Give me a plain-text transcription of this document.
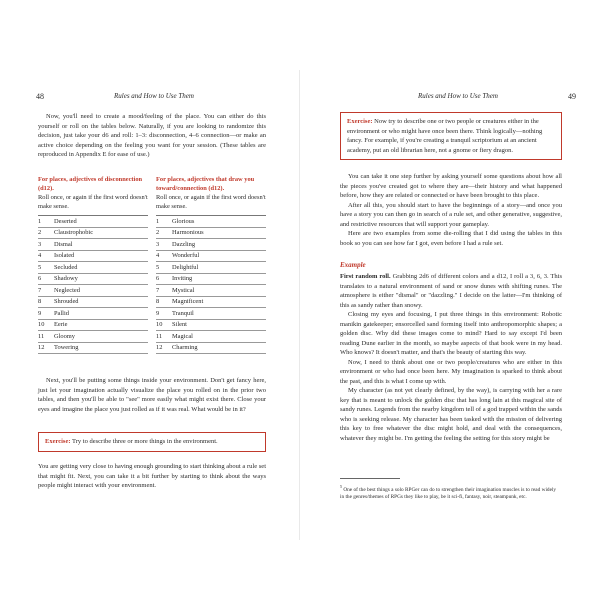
48	Rules and How to Use Them

Now, you'll need to create a mood/feeling of the place. You can either do this yourself or roll on the tables below. Naturally, if you are looking to randomize this decision, just take your d6 and roll: 1–3: disconnection, 4–6 connection—or make an active choice depending on the feeling you want for your session. (These tables are reproduced in Appendix E for ease of use.)

For places, adjectives of disconnection (d12).
Roll once, or again if the first word doesn't make sense.
1	Deserted
2	Claustrophobic
3	Dismal
4	Isolated
5	Secluded
6	Shadowy
7	Neglected
8	Shrouded
9	Pallid
10	Eerie
11	Gloomy
12	Towering
For places, adjectives that draw you toward/connection (d12).
Roll once, or again if the first word doesn't make sense.
1	Glorious
2	Harmonious
3	Dazzling
4	Wonderful
5	Delightful
6	Inviting
7	Mystical
8	Magnificent
9	Tranquil
10	Silent
11	Magical
12	Charming

Next, you'll be putting some things inside your environment. Don't get fancy here, just let your imagination actually visualize the place you rolled on in the prior two tables, and then you'll be able to "see" more easily what might exist there. Close your eyes and imagine the place you just rolled as if it was real. What would be in it?

Exercise: Try to describe three or more things in the environment.

You are getting very close to having enough grounding to start thinking about a rule set that might fit. Next, you can take it a bit further by starting to think about the ways people might interact with your environment.

Rules and How to Use Them	49
Exercise: Now try to describe one or two people or creatures either in the environment or who might have once been there. Think logically—nothing fancy. For example, if you're creating a tranquil scriptorium at an ancient academy, put an old librarian here, not a gnome or fiery dragon.

You can take it one step further by asking yourself some questions about how all the pieces you've created got to where they are—their history and what happened before, how they are related or connected or have been brought to this place.

After all this, you should start to have the beginnings of a story—and once you have a story you can then go in search of a rule set, and other generative, suggestive, and restrictive resources that will support your gameplay.

Here are two examples from some die-rolling that I did using the tables in this book so you can see how far I got, even before I had a rule set.

Example

First random roll. Grabbing 2d6 of different colors and a d12, I roll a 3, 6, 3. This translates to a natural environment of sand or snow dunes with shifting runes. The atmosphere is either "dismal" or "dazzling." I decide on the latter—I'm thinking of this as sandy rather than snowy.

Closing my eyes and focusing, I put three things in this environment: Robotic manikin gatekeeper; ensorcelled sand forming itself into anthropomorphic shapes; a golden disc. Why did these images come to mind? Hard to say except I'd been reading Dune earlier in the month, so maybe aspects of that book were in my head. Who knows? It doesn't matter, and that's the beauty of starting this way.

Now, I need to think about one or two people/creatures who are either in this environment or who had once been here. My imagination is sparked to think about the past, and this is what I come up with.

My character (as not yet clearly defined, by the way), is carrying with her a rare key that is meant to unlock the golden disc that has long lain at this magical site of sandy runes. Legends from the nearby kingdom tell of a god trapped within the sands who is seeking release. My character has been tasked with the mission of delivering this key to free whatever the disc might hold, and deal with the consequences, whatever they might be. I'm getting the feeling the setting for this story might be

$^5$ One of the best things a solo RPGer can do to strengthen their imagination muscles is to read widely in the genres/themes of RPGs they like to play, be it sci-fi, fantasy, noir, steampunk, etc.
